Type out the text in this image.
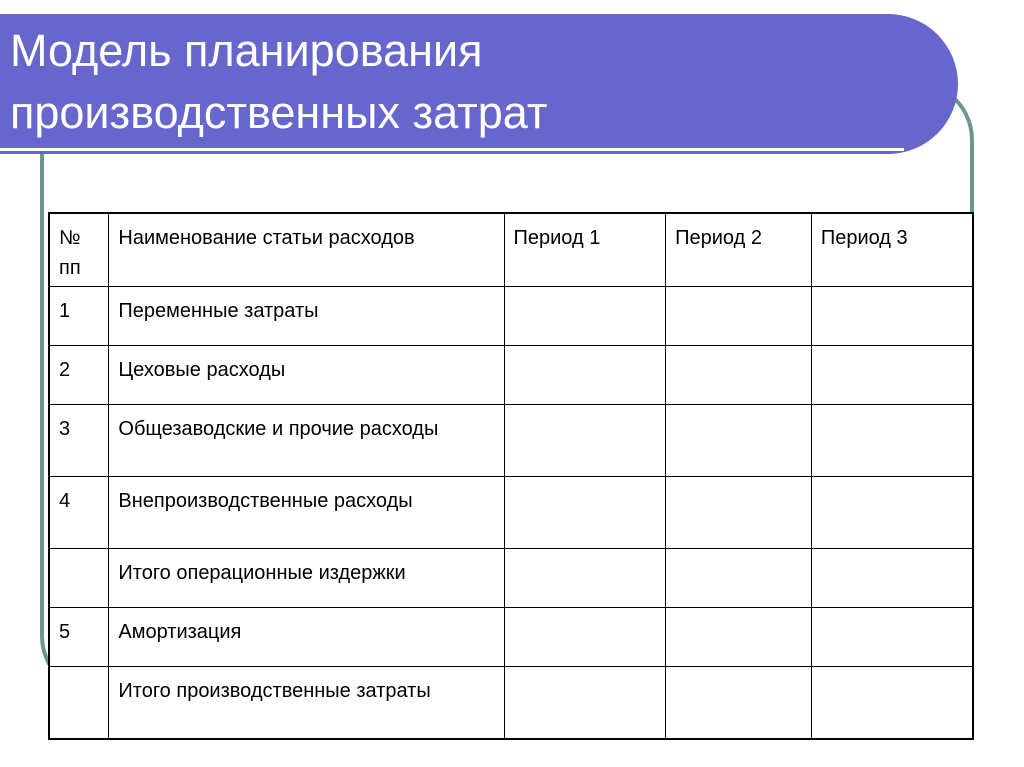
Модель планирования
производственных затрат
№ пп	Наименование статьи расходов	Период 1	Период 2	Период 3
1	Переменные затраты			
2	Цеховые расходы			
3	Общезаводские и прочие расходы			
4	Внепроизводственные расходы			
	Итого операционные издержки			
5	Амортизация			
	Итого производственные затраты			
